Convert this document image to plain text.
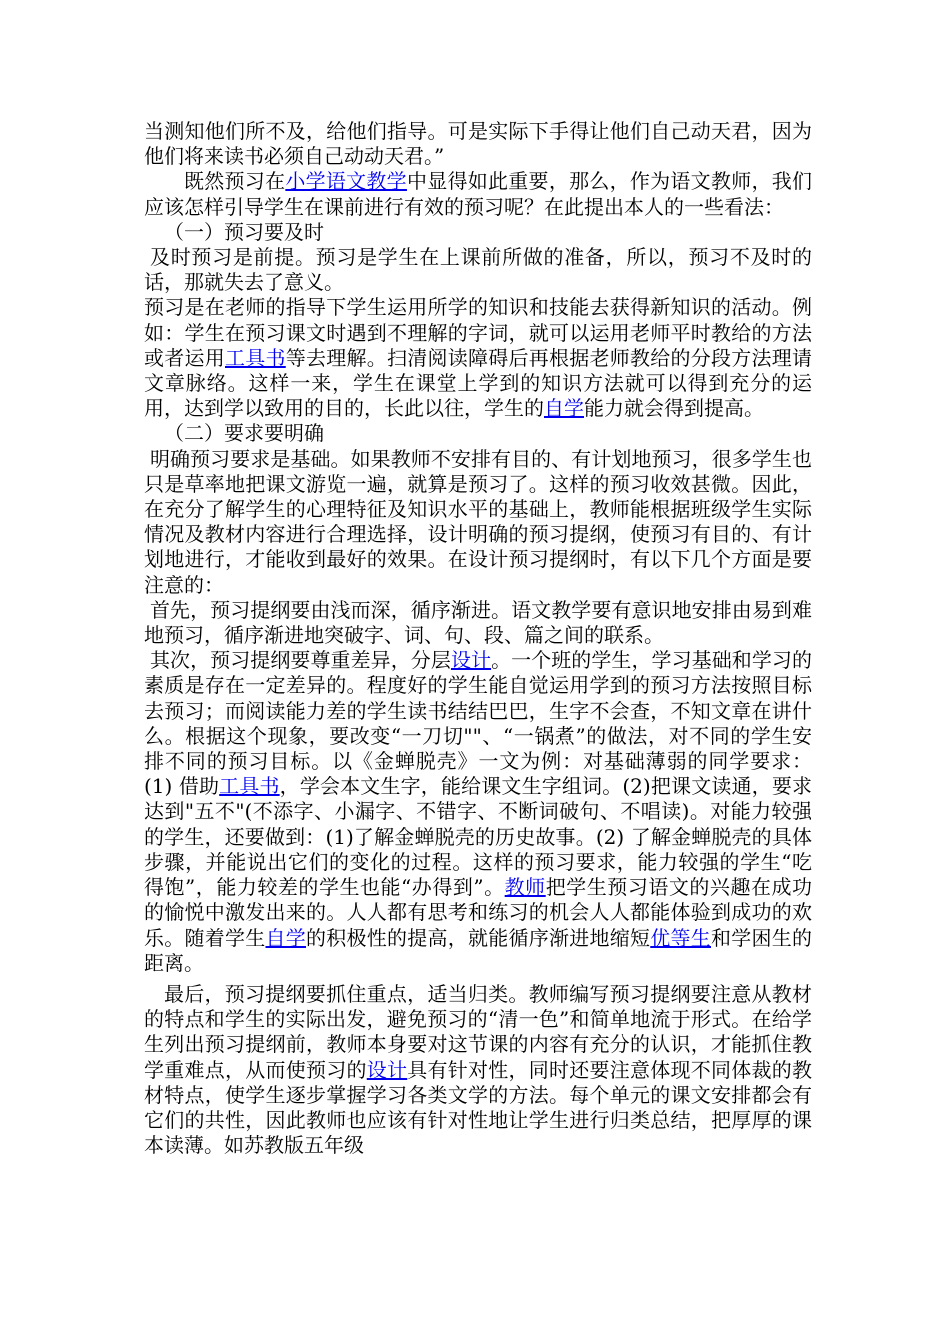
当测知他们所不及，给他们指导。可是实际下手得让他们自己动天君，因为他们将来读书必须自己动动天君。”

既然预习在小学语文教学中显得如此重要，那么，作为语文教师，我们应该怎样引导学生在课前进行有效的预习呢？在此提出本人的一些看法：

（一）预习要及时

及时预习是前提。预习是学生在上课前所做的准备，所以，预习不及时的话，那就失去了意义。

预习是在老师的指导下学生运用所学的知识和技能去获得新知识的活动。例如：学生在预习课文时遇到不理解的字词，就可以运用老师平时教给的方法或者运用工具书等去理解。扫清阅读障碍后再根据老师教给的分段方法理请文章脉络。这样一来，学生在课堂上学到的知识方法就可以得到充分的运用，达到学以致用的目的，长此以往，学生的自学能力就会得到提高。

（二）要求要明确

明确预习要求是基础。如果教师不安排有目的、有计划地预习，很多学生也只是草率地把课文游览一遍，就算是预习了。这样的预习收效甚微。因此，在充分了解学生的心理特征及知识水平的基础上，教师能根据班级学生实际情况及教材内容进行合理选择，设计明确的预习提纲，使预习有目的、有计划地进行，才能收到最好的效果。在设计预习提纲时，有以下几个方面是要注意的：

首先，预习提纲要由浅而深，循序渐进。语文教学要有意识地安排由易到难地预习，循序渐进地突破字、词、句、段、篇之间的联系。

其次，预习提纲要尊重差异，分层设计。一个班的学生，学习基础和学习的素质是存在一定差异的。程度好的学生能自觉运用学到的预习方法按照目标去预习；而阅读能力差的学生读书结结巴巴，生字不会查，不知文章在讲什么。根据这个现象，要改变“一刀切""、“一锅煮”的做法，对不同的学生安排不同的预习目标。以《金蝉脱壳》一文为例：对基础薄弱的同学要求：(1) 借助工具书，学会本文生字，能给课文生字组词。(2)把课文读通，要求达到"五不"(不添字、小漏字、不错字、不断词破句、不唱读)。对能力较强的学生，还要做到：(1)了解金蝉脱壳的历史故事。(2) 了解金蝉脱壳的具体步骤，并能说出它们的变化的过程。这样的预习要求，能力较强的学生“吃得饱”，能力较差的学生也能“办得到”。教师把学生预习语文的兴趣在成功的愉悦中激发出来的。人人都有思考和练习的机会人人都能体验到成功的欢乐。随着学生自学的积极性的提高，就能循序渐进地缩短优等生和学困生的距离。

最后，预习提纲要抓住重点，适当归类。教师编写预习提纲要注意从教材的特点和学生的实际出发，避免预习的“清一色”和简单地流于形式。在给学生列出预习提纲前，教师本身要对这节课的内容有充分的认识，才能抓住教学重难点，从而使预习的设计具有针对性，同时还要注意体现不同体裁的教材特点，使学生逐步掌握学习各类文学的方法。每个单元的课文安排都会有它们的共性，因此教师也应该有针对性地让学生进行归类总结，把厚厚的课本读薄。如苏教版五年级
